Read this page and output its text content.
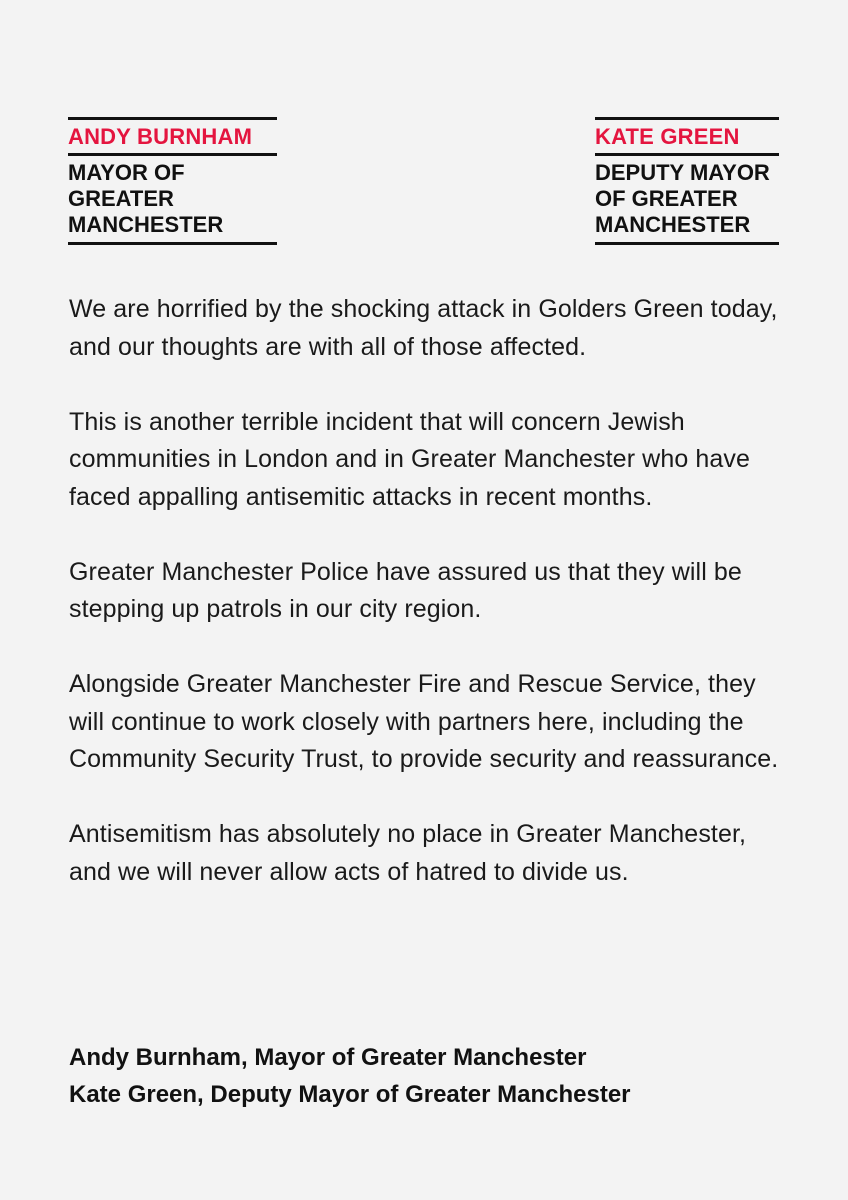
ANDY BURNHAM
MAYOR OF
GREATER
MANCHESTER
KATE GREEN
DEPUTY MAYOR
OF GREATER
MANCHESTER

We are horrified by the shocking attack in Golders Green today, and our thoughts are with all of those affected.

This is another terrible incident that will concern Jewish communities in London and in Greater Manchester who have faced appalling antisemitic attacks in recent months.

Greater Manchester Police have assured us that they will be stepping up patrols in our city region.

Alongside Greater Manchester Fire and Rescue Service, they will continue to work closely with partners here, including the Community Security Trust, to provide security and reassurance.

Antisemitism has absolutely no place in Greater Manchester, and we will never allow acts of hatred to divide us.

Andy Burnham, Mayor of Greater Manchester
Kate Green, Deputy Mayor of Greater Manchester
